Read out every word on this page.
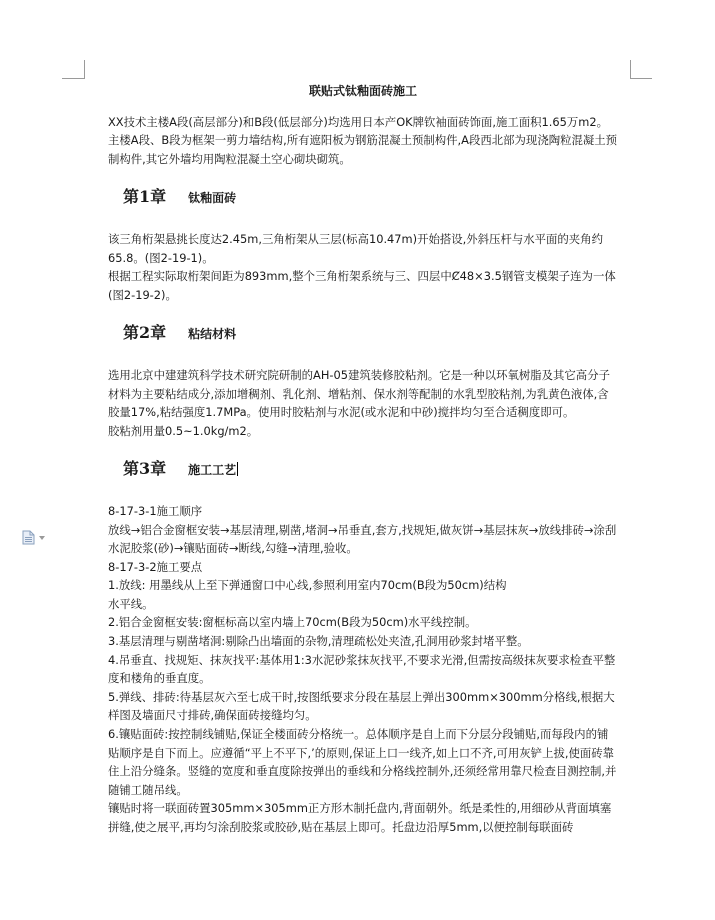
联贴式钛釉面砖施工

XX技术主楼A段(高层部分)和B段(低层部分)均选用日本产OK牌钦袖面砖饰面,施工面积1.65万m2。

主楼A段、B段为框架一剪力墙结构,所有遮阳板为钢筋混凝土预制构件,A段西北部为现浇陶粒混凝土预制构件,其它外墙均用陶粒混凝土空心砌块砌筑。

第1章 钛釉面砖

该三角桁架悬挑长度达2.45m,三角桁架从三层(标高10.47m)开始搭设,外斜压杆与水平面的夹角约65.8。(图2-19-1)。

根据工程实际取桁架间距为893mm,整个三角桁架系统与三、四层中Ȼ48×3.5钢管支模架子连为一体(图2-19-2)。

第2章 粘结材料

选用北京中建建筑科学技术研究院研制的AH-05建筑装修胶粘剂。它是一种以环氧树脂及其它高分子材料为主要粘结成分,添加增稠剂、乳化剂、增粘剂、保水剂等配制的水乳型胶粘剂,为乳黄色液体,含胶量17%,粘结强度1.7MPa。使用时胶粘剂与水泥(或水泥和中砂)搅拌均匀至合适稠度即可。

胶粘剂用量0.5~1.0kg/m2。

第3章 施工工艺

8-17-3-1施工顺序

放线→铝合金窗框安装→基层清理,剔凿,堵洞→吊垂直,套方,找规矩,做灰饼→基层抹灰→放线排砖→涂刮水泥胶浆(砂)→镶贴面砖→断线,勾缝→清理,验收。

8-17-3-2施工要点

1.放线: 用墨线从上至下弹通窗口中心线,参照利用室内70cm(B段为50cm)结构

水平线。

2.铝合金窗框安装:窗框标高以室内墙上70cm(B段为50cm)水平线控制。

3.基层清理与剔凿堵洞:剔除凸出墙面的杂物,清理疏松处夹渣,孔洞用砂浆封堵平整。

4.吊垂直、找规矩、抹灰找平:基体用1:3水泥砂浆抹灰找平,不要求光滑,但需按高级抹灰要求检查平整度和楼角的垂直度。

5.弹线、排砖:待基层灰六至七成干时,按图纸要求分段在基层上弹出300mm×300mm分格线,根据大样图及墙面尺寸排砖,确保面砖接缝均匀。

6.镶贴面砖:按控制线铺贴,保证全楼面砖分格统一。总体顺序是自上而下分层分段铺贴,而每段内的铺贴顺序是自下而上。应遵循“平上不平下,’的原则,保证上口一线齐,如上口不齐,可用灰铲上拔,使面砖靠住上沿分缝条。竖缝的宽度和垂直度除按弹出的垂线和分格线控制外,还须经常用靠尺检查目测控制,并随铺工随吊线。

镶贴时将一联面砖置305mm×305mm正方形木制托盘内,背面朝外。纸是柔性的,用细砂从背面填塞拼缝,使之展平,再均匀涂刮胶浆或胶砂,贴在基层上即可。托盘边沿厚5mm,以便控制每联面砖
